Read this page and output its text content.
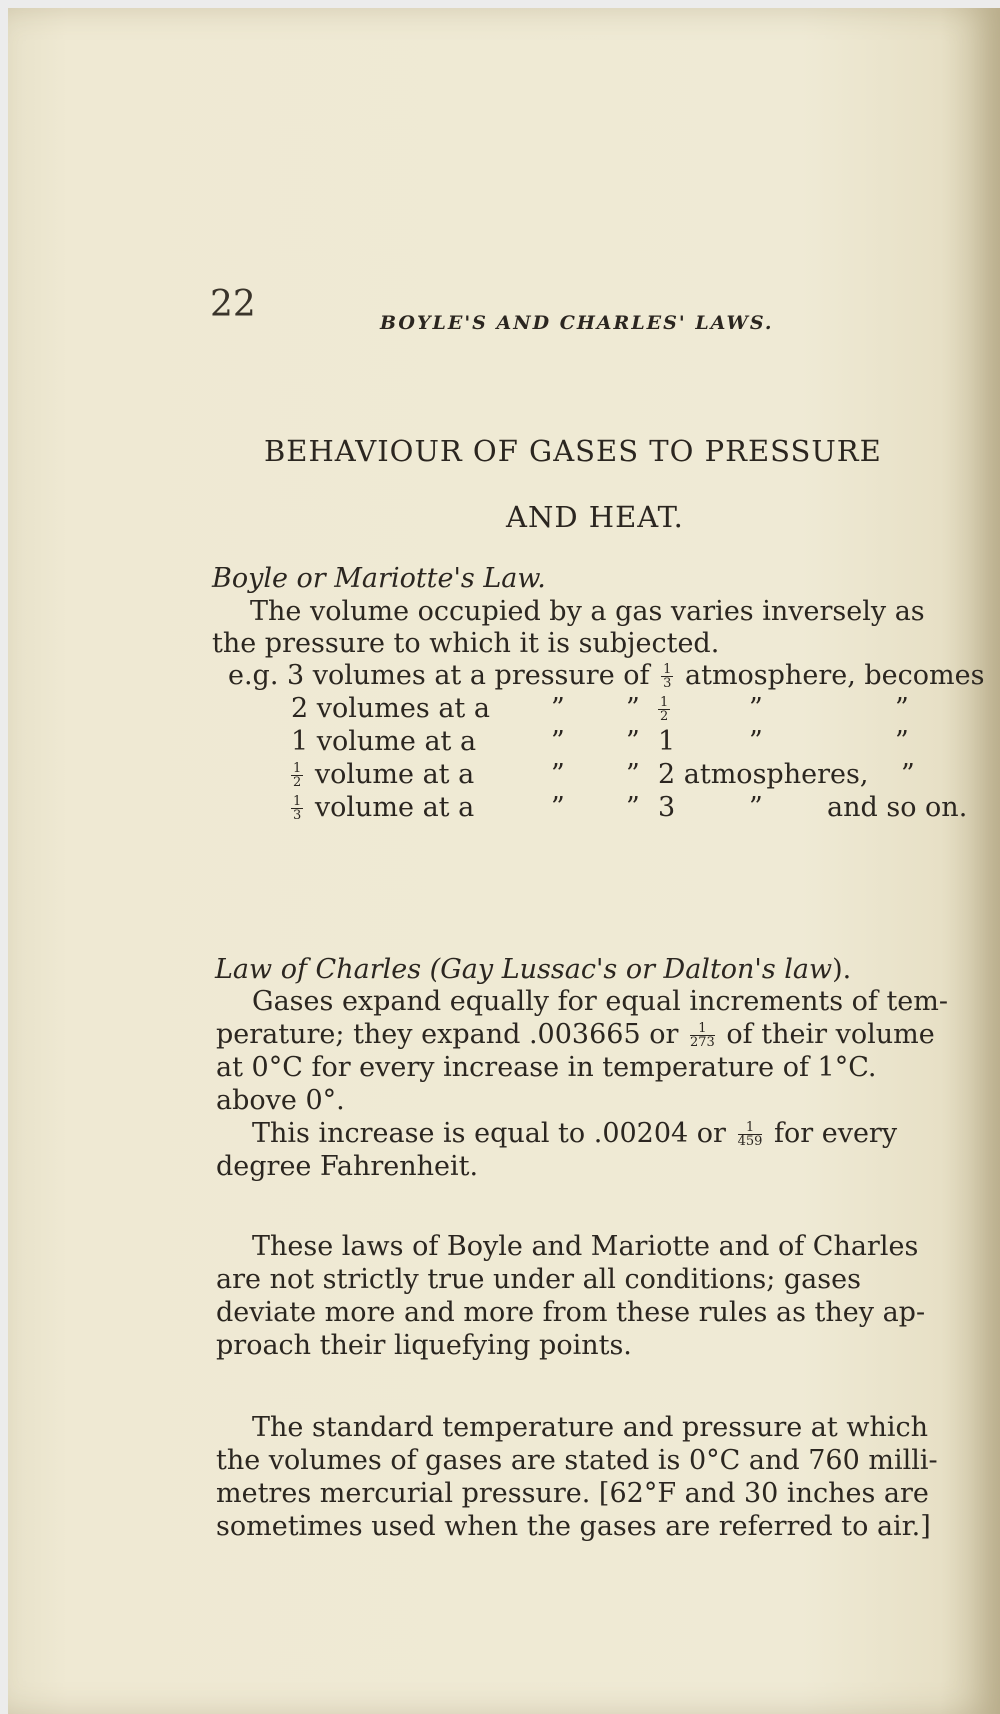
22	BOYLE'S AND CHARLES' LAWS.
BEHAVIOUR OF GASES TO PRESSURE
AND HEAT.
Boyle or Mariotte's Law.
The volume occupied by a gas varies inversely as
the pressure to which it is subjected.
e.g. 3 volumes at a pressure of $\frac{1}{3}$ atmosphere, becomes
2 volumes at a ” ” $\frac{1}{2}$	”	”
1 volume at a	” ” 1	”	”
$\frac{1}{2}$ volume at a	” ” 2 atmospheres, ”
$\frac{1}{3}$ volume at a	” ” 3	” and so on.
Law of Charles (Gay Lussac's or Dalton's law).
Gases expand equally for equal increments of tem-
perature; they expand .003665 or $\frac{1}{273}$ of their volume
at 0°C for every increase in temperature of 1°C.
above 0°.
This increase is equal to .00204 or $\frac{1}{459}$ for every
degree Fahrenheit.
These laws of Boyle and Mariotte and of Charles
are not strictly true under all conditions; gases
deviate more and more from these rules as they ap-
proach their liquefying points.
The standard temperature and pressure at which
the volumes of gases are stated is 0°C and 760 milli-
metres mercurial pressure. [62°F and 30 inches are
sometimes used when the gases are referred to air.]
